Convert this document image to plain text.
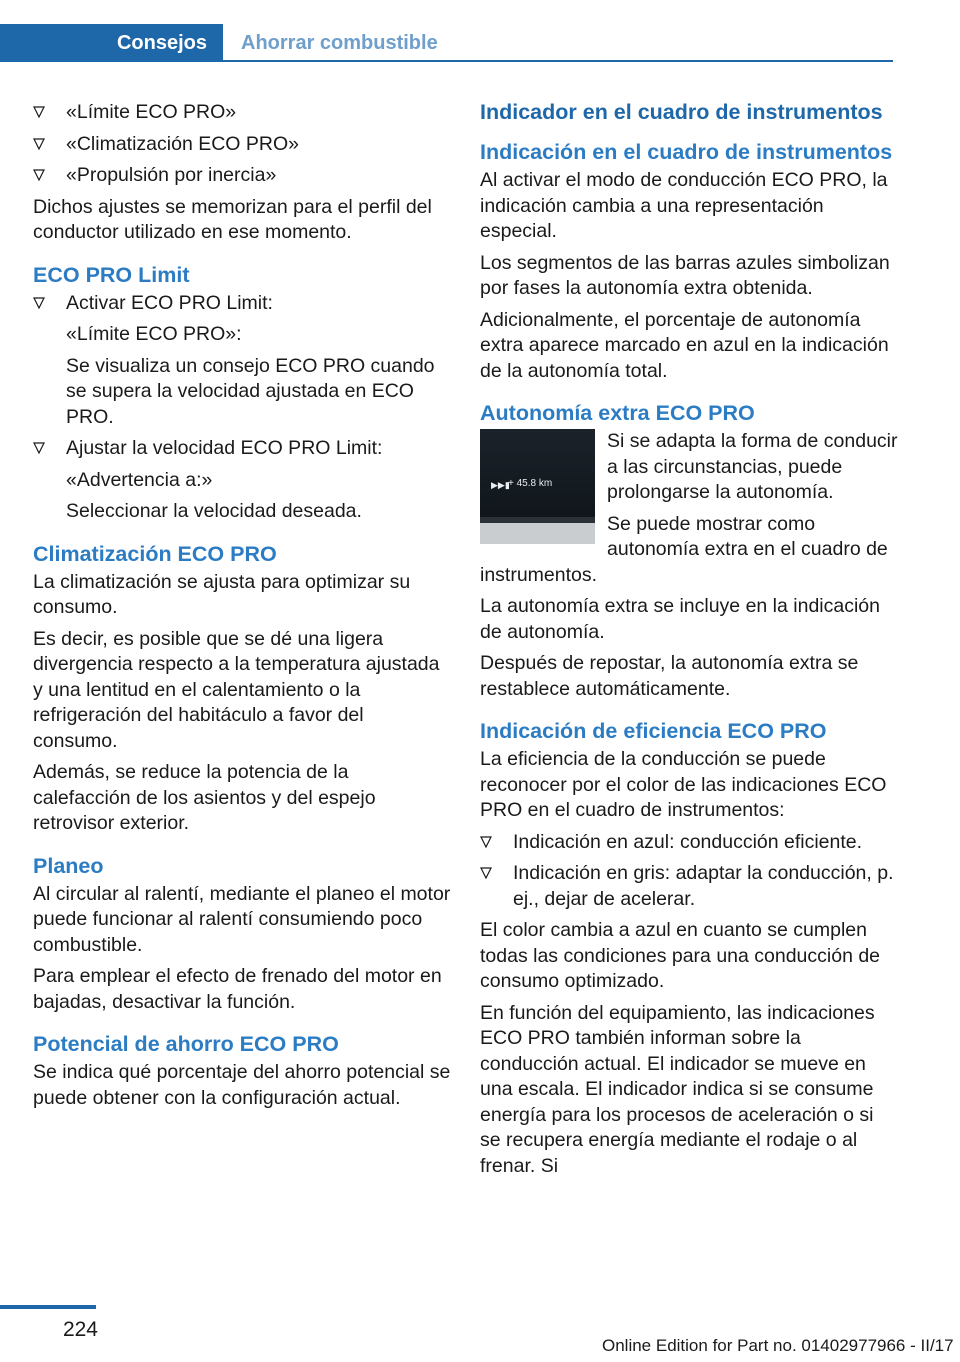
Consejos	Ahorrar combustible
«Límite ECO PRO»
«Climatización ECO PRO»
«Propulsión por inercia»
Dichos ajustes se memorizan para el perfil del conductor utilizado en ese momento.
ECO PRO Limit
Activar ECO PRO Limit:
«Límite ECO PRO»:
Se visualiza un consejo ECO PRO cuando se supera la velocidad ajustada en ECO PRO.
Ajustar la velocidad ECO PRO Limit:
«Advertencia a:»
Seleccionar la velocidad deseada.
Climatización ECO PRO
La climatización se ajusta para optimizar su consumo.
Es decir, es posible que se dé una ligera divergencia respecto a la temperatura ajustada y una lentitud en el calentamiento o la refrigeración del habitáculo a favor del consumo.
Además, se reduce la potencia de la calefacción de los asientos y del espejo retrovisor exterior.
Planeo
Al circular al ralentí, mediante el planeo el motor puede funcionar al ralentí consumiendo poco combustible.
Para emplear el efecto de frenado del motor en bajadas, desactivar la función.
Potencial de ahorro ECO PRO
Se indica qué porcentaje del ahorro potencial se puede obtener con la configuración actual.
Indicador en el cuadro de instrumentos
Indicación en el cuadro de instrumentos
Al activar el modo de conducción ECO PRO, la indicación cambia a una representación especial.
Los segmentos de las barras azules simbolizan por fases la autonomía extra obtenida.
Adicionalmente, el porcentaje de autonomía extra aparece marcado en azul en la indicación de la autonomía total.
Autonomía extra ECO PRO
▶▶▮
+ 45.8 km
Si se adapta la forma de conducir a las circunstancias, puede prolongarse la autonomía.
Se puede mostrar como autonomía extra en el cuadro de instrumentos.
La autonomía extra se incluye en la indicación de autonomía.
Después de repostar, la autonomía extra se restablece automáticamente.
Indicación de eficiencia ECO PRO
La eficiencia de la conducción se puede reconocer por el color de las indicaciones ECO PRO en el cuadro de instrumentos:
Indicación en azul: conducción eficiente.
Indicación en gris: adaptar la conducción, p. ej., dejar de acelerar.
El color cambia a azul en cuanto se cumplen todas las condiciones para una conducción de consumo optimizado.
En función del equipamiento, las indicaciones ECO PRO también informan sobre la conducción actual. El indicador se mueve en una escala. El indicador indica si se consume energía para los procesos de aceleración o si se recupera energía mediante el rodaje o al frenar. Si
224
Online Edition for Part no. 01402977966 - II/17
